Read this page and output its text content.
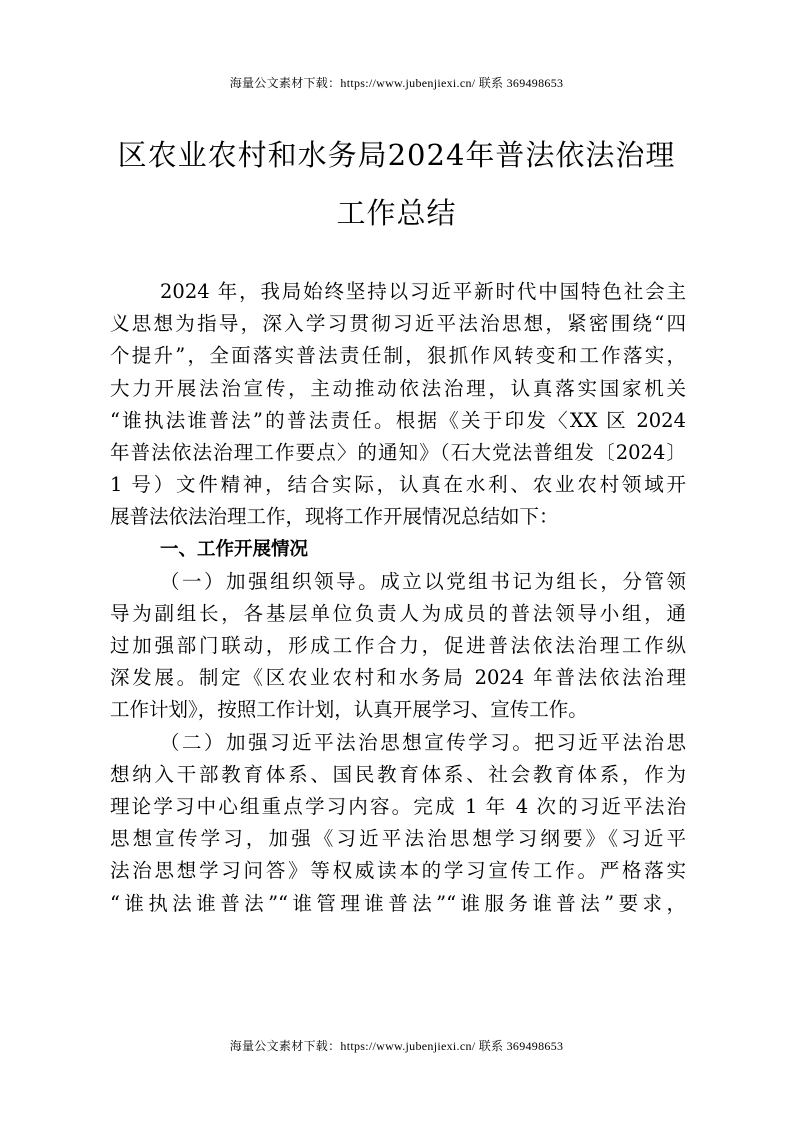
海量公文素材下载：https://www.jubenjiexi.cn/ 联系 369498653
区农业农村和水务局2024年普法依法治理
工作总结
2024 年，我局始终坚持以习近平新时代中国特色社会主
义思想为指导，深入学习贯彻习近平法治思想，紧密围绕“四
个提升”，全面落实普法责任制，狠抓作风转变和工作落实，
大力开展法治宣传，主动推动依法治理，认真落实国家机关
“谁执法谁普法”的普法责任。根据《关于印发〈XX 区 2024
年普法依法治理工作要点〉的通知》（石大党法普组发〔2024〕
1 号）文件精神，结合实际，认真在水利、农业农村领域开
展普法依法治理工作，现将工作开展情况总结如下：
一、工作开展情况
（一）加强组织领导。成立以党组书记为组长，分管领
导为副组长，各基层单位负责人为成员的普法领导小组，通
过加强部门联动，形成工作合力，促进普法依法治理工作纵
深发展。制定《区农业农村和水务局 2024 年普法依法治理
工作计划》，按照工作计划，认真开展学习、宣传工作。
（二）加强习近平法治思想宣传学习。把习近平法治思
想纳入干部教育体系、国民教育体系、社会教育体系，作为
理论学习中心组重点学习内容。完成 1 年 4 次的习近平法治
思想宣传学习，加强《习近平法治思想学习纲要》《习近平
法治思想学习问答》等权威读本的学习宣传工作。严格落实
“谁执法谁普法”“谁管理谁普法”“谁服务谁普法”要求，
海量公文素材下载：https://www.jubenjiexi.cn/ 联系 369498653
